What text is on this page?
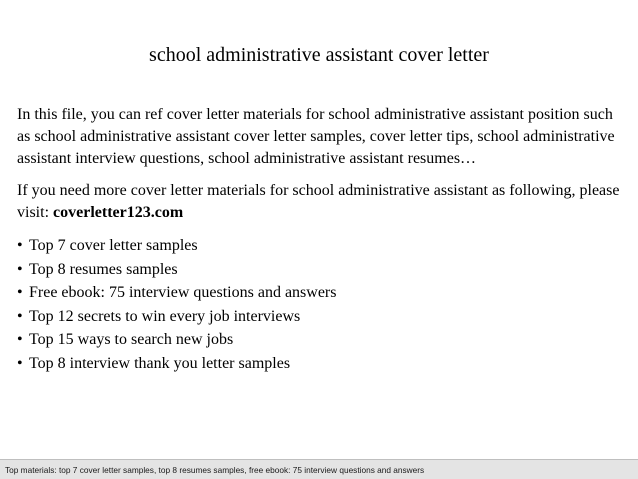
school administrative assistant cover letter

In this file, you can ref cover letter materials for school administrative assistant position such as school administrative assistant cover letter samples, cover letter tips, school administrative assistant interview questions, school administrative assistant resumes…

If you need more cover letter materials for school administrative assistant as following, please visit: coverletter123.com

• Top 7 cover letter samples
• Top 8 resumes samples
• Free ebook: 75 interview questions and answers
• Top 12 secrets to win every job interviews
• Top 15 ways to search new jobs
• Top 8 interview thank you letter samples
Top materials: top 7 cover letter samples, top 8 resumes samples, free ebook: 75 interview questions and answers
